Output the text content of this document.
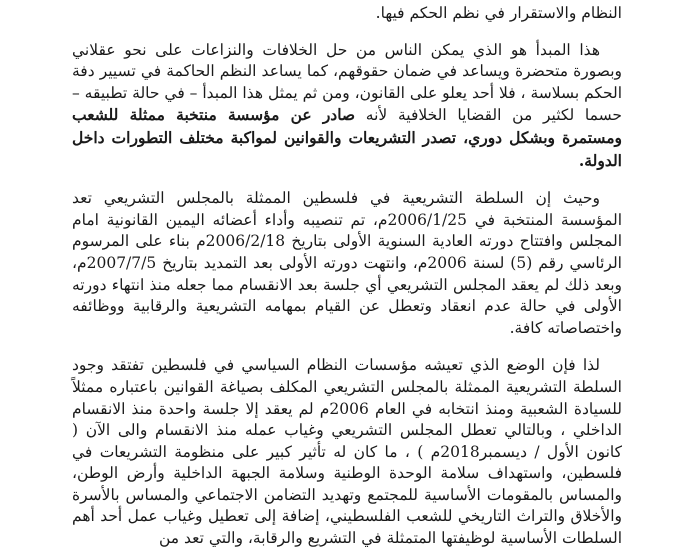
النظام والاستقرار في نظم الحكم فيها.

هذا المبدأ هو الذي يمكن الناس من حل الخلافات والنزاعات على نحو عقلاني وبصورة متحضرة ويساعد في ضمان حقوقهم، كما يساعد النظم الحاكمة في تسيير دفة الحكم بسلاسة ، فلا أحد يعلو على القانون، ومن ثم يمثل هذا المبدأ – في حالة تطبيقه – حسما لكثير من القضايا الخلافية لأنه صادر عن مؤسسة منتخبة ممثلة للشعب ومستمرة وبشكل دوري، تصدر التشريعات والقوانين لمواكبة مختلف التطورات داخل الدولة.

وحيث إن السلطة التشريعية في فلسطين الممثلة بالمجلس التشريعي تعد المؤسسة المنتخبة في 2006/1/25م، تم تنصيبه وأداء أعضائه اليمين القانونية امام المجلس وافتتاح دورته العادية السنوية الأولى بتاريخ 2006/2/18م بناء على المرسوم الرئاسي رقم (5) لسنة 2006م، وانتهت دورته الأولى بعد التمديد بتاريخ 2007/7/5م، وبعد ذلك لم يعقد المجلس التشريعي أي جلسة بعد الانقسام مما جعله منذ انتهاء دورته الأولى في حالة عدم انعقاد وتعطل عن القيام بمهامه التشريعية والرقابية ووظائفه واختصاصاته كافة.

لذا فإن الوضع الذي تعيشه مؤسسات النظام السياسي في فلسطين تفتقد وجود السلطة التشريعية الممثلة بالمجلس التشريعي المكلف بصياغة القوانين باعتباره ممثلاً للسيادة الشعبية ومنذ انتخابه في العام 2006م لم يعقد إلا جلسة واحدة منذ الانقسام الداخلي ، وبالتالي تعطل المجلس التشريعي وغياب عمله منذ الانقسام والى الآن ( كانون الأول / ديسمبر2018م ) ، ما كان له تأثير كبير على منظومة التشريعات في فلسطين، واستهداف سلامة الوحدة الوطنية وسلامة الجبهة الداخلية وأرض الوطن، والمساس بالمقومات الأساسية للمجتمع وتهديد التضامن الاجتماعي والمساس بالأسرة والأخلاق والتراث التاريخي للشعب الفلسطيني، إضافة إلى تعطيل وغياب عمل أحد أهم السلطات الأساسية لوظيفتها المتمثلة في التشريع والرقابة، والتي تعد من
